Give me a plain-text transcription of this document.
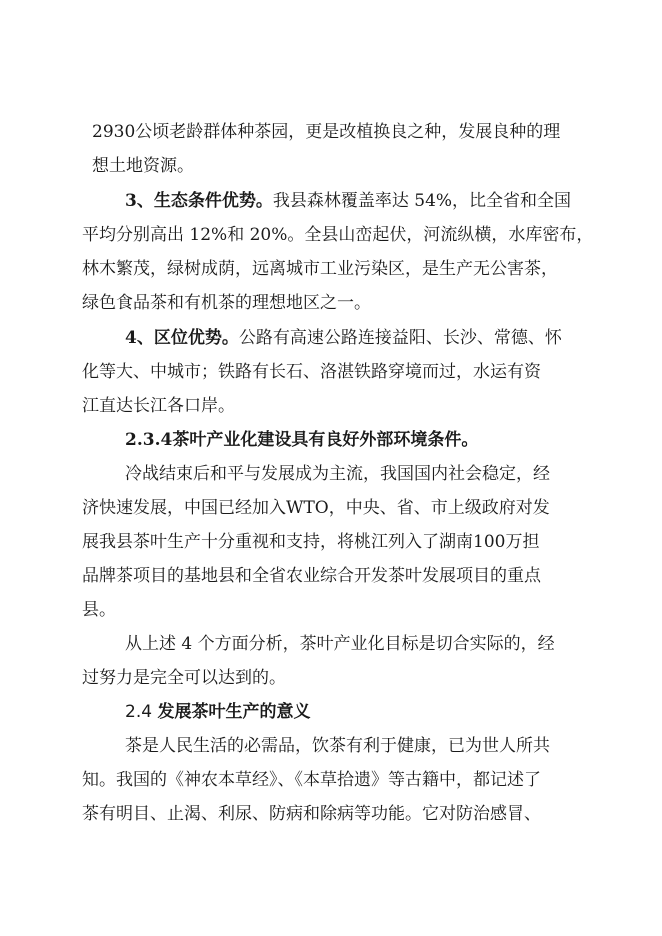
2930公顷老龄群体种茶园，更是改植换良之种，发展良种的理
想土地资源。
3、生态条件优势。我县森林覆盖率达 54%，比全省和全国
平均分别高出 12%和 20%。全县山峦起伏，河流纵横，水库密布，
林木繁茂，绿树成荫，远离城市工业污染区，是生产无公害茶，
绿色食品茶和有机茶的理想地区之一。
4、区位优势。公路有高速公路连接益阳、长沙、常德、怀
化等大、中城市；铁路有长石、洛湛铁路穿境而过，水运有资
江直达长江各口岸。
2.3.4茶叶产业化建设具有良好外部环境条件。
冷战结束后和平与发展成为主流，我国国内社会稳定，经
济快速发展，中国已经加入WTO，中央、省、市上级政府对发
展我县茶叶生产十分重视和支持，将桃江列入了湖南100万担
品牌茶项目的基地县和全省农业综合开发茶叶发展项目的重点
县。
从上述 4 个方面分析，茶叶产业化目标是切合实际的，经
过努力是完全可以达到的。
2.4 发展茶叶生产的意义
茶是人民生活的必需品，饮茶有利于健康，已为世人所共
知。我国的《神农本草经》、《本草拾遗》等古籍中，都记述了
茶有明目、止渴、利尿、防病和除病等功能。它对防治感冒、
